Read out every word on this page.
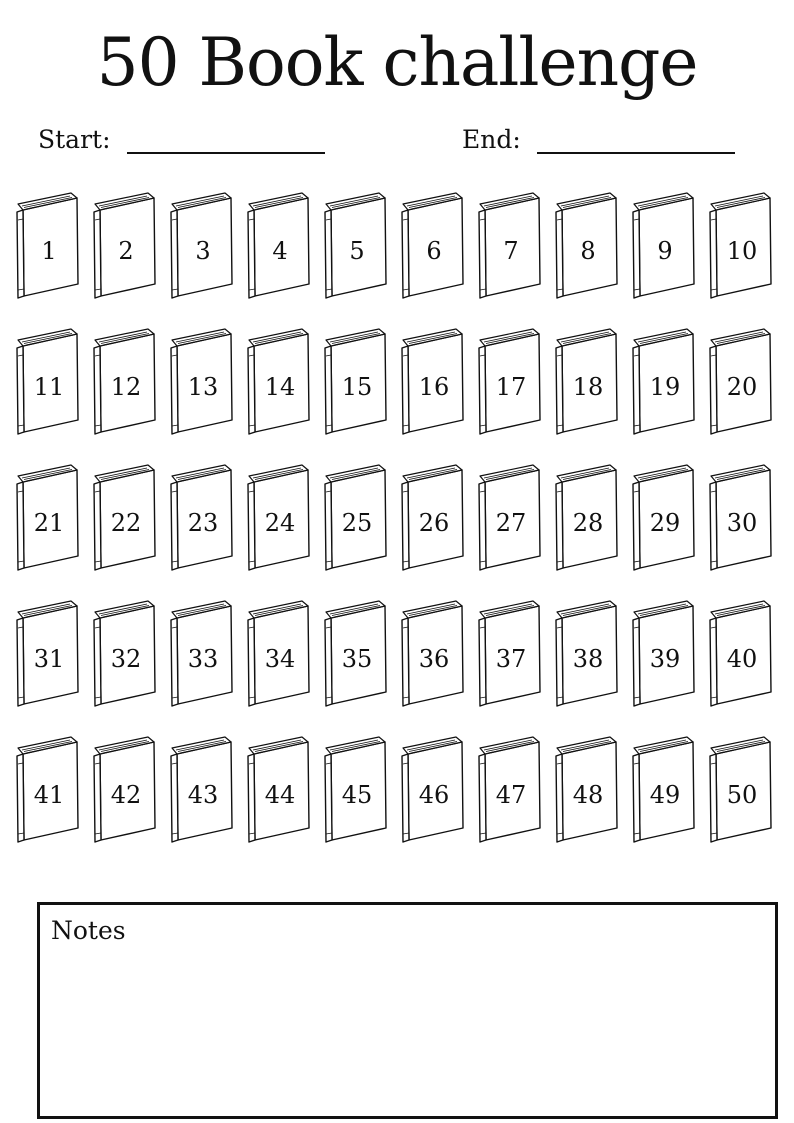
50 Book challenge
Start:	End:
1	2	3	4	5	6	7	8	9	10
11	12	13	14	15	16	17	18	19	20
21	22	23	24	25	26	27	28	29	30
31	32	33	34	35	36	37	38	39	40
41	42	43	44	45	46	47	48	49	50
Notes
